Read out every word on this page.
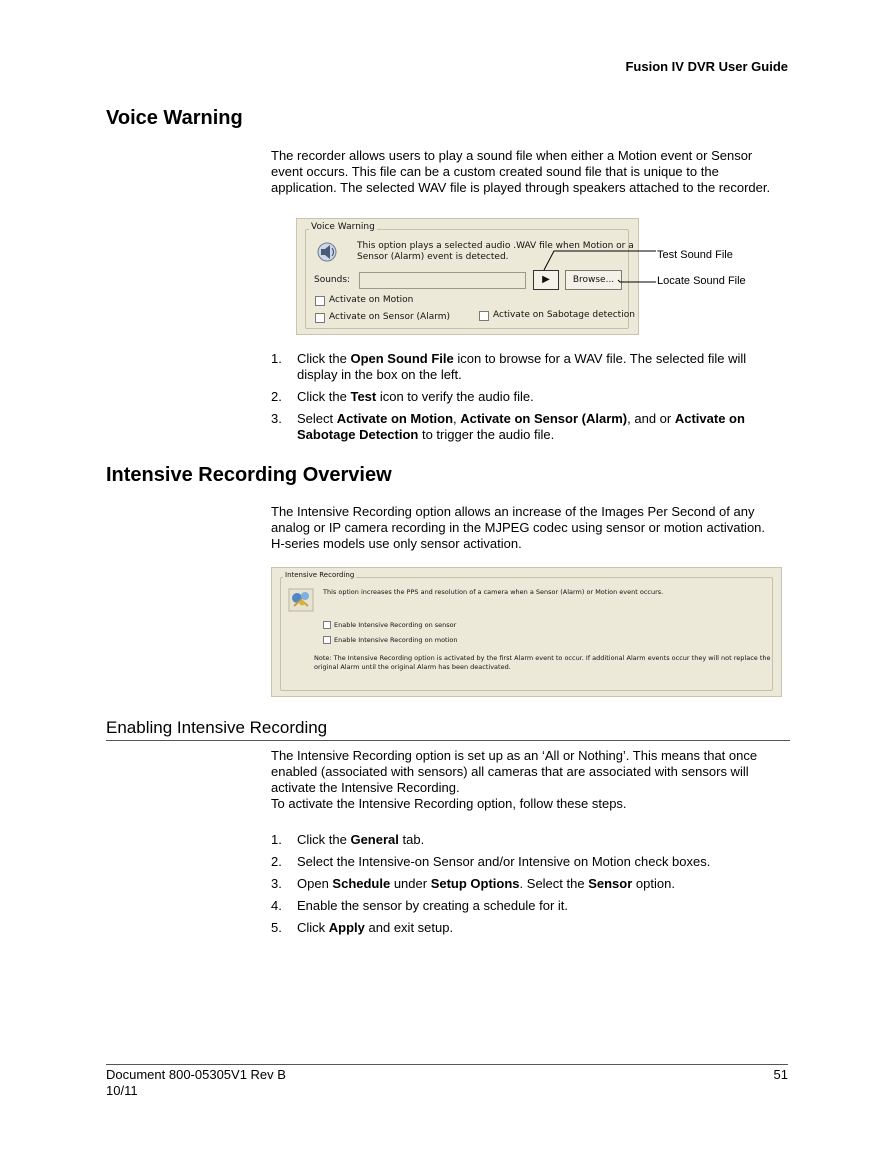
Fusion IV DVR User Guide
Voice Warning
The recorder allows users to play a sound file when either a Motion event or Sensor
event occurs. This file can be a custom created sound file that is unique to the
application. The selected WAV file is played through speakers attached to the recorder.
Voice Warning
This option plays a selected audio .WAV file when Motion or a
Sensor (Alarm) event is detected.
Sounds:	▶	Browse...
Activate on Motion
Activate on Sensor (Alarm)	Activate on Sabotage detection
Test Sound File
Locate Sound File
1. Click the Open Sound File icon to browse for a WAV file. The selected file will display in the box on the left.
2. Click the Test icon to verify the audio file.
3. Select Activate on Motion, Activate on Sensor (Alarm), and or Activate on Sabotage Detection to trigger the audio file.
Intensive Recording Overview
The Intensive Recording option allows an increase of the Images Per Second of any
analog or IP camera recording in the MJPEG codec using sensor or motion activation.
H-series models use only sensor activation.
Intensive Recording
This option increases the PPS and resolution of a camera when a Sensor (Alarm) or Motion event occurs.
Enable Intensive Recording on sensor
Enable Intensive Recording on motion
Note: The Intensive Recording option is activated by the first Alarm event to occur. If additional Alarm events occur they will not replace the
original Alarm until the original Alarm has been deactivated.
Enabling Intensive Recording
The Intensive Recording option is set up as an ‘All or Nothing’. This means that once
enabled (associated with sensors) all cameras that are associated with sensors will
activate the Intensive Recording.
To activate the Intensive Recording option, follow these steps.
1. Click the General tab.
2. Select the Intensive-on Sensor and/or Intensive on Motion check boxes.
3. Open Schedule under Setup Options. Select the Sensor option.
4. Enable the sensor by creating a schedule for it.
5. Click Apply and exit setup.
Document 800-05305V1 Rev B
10/11
51
